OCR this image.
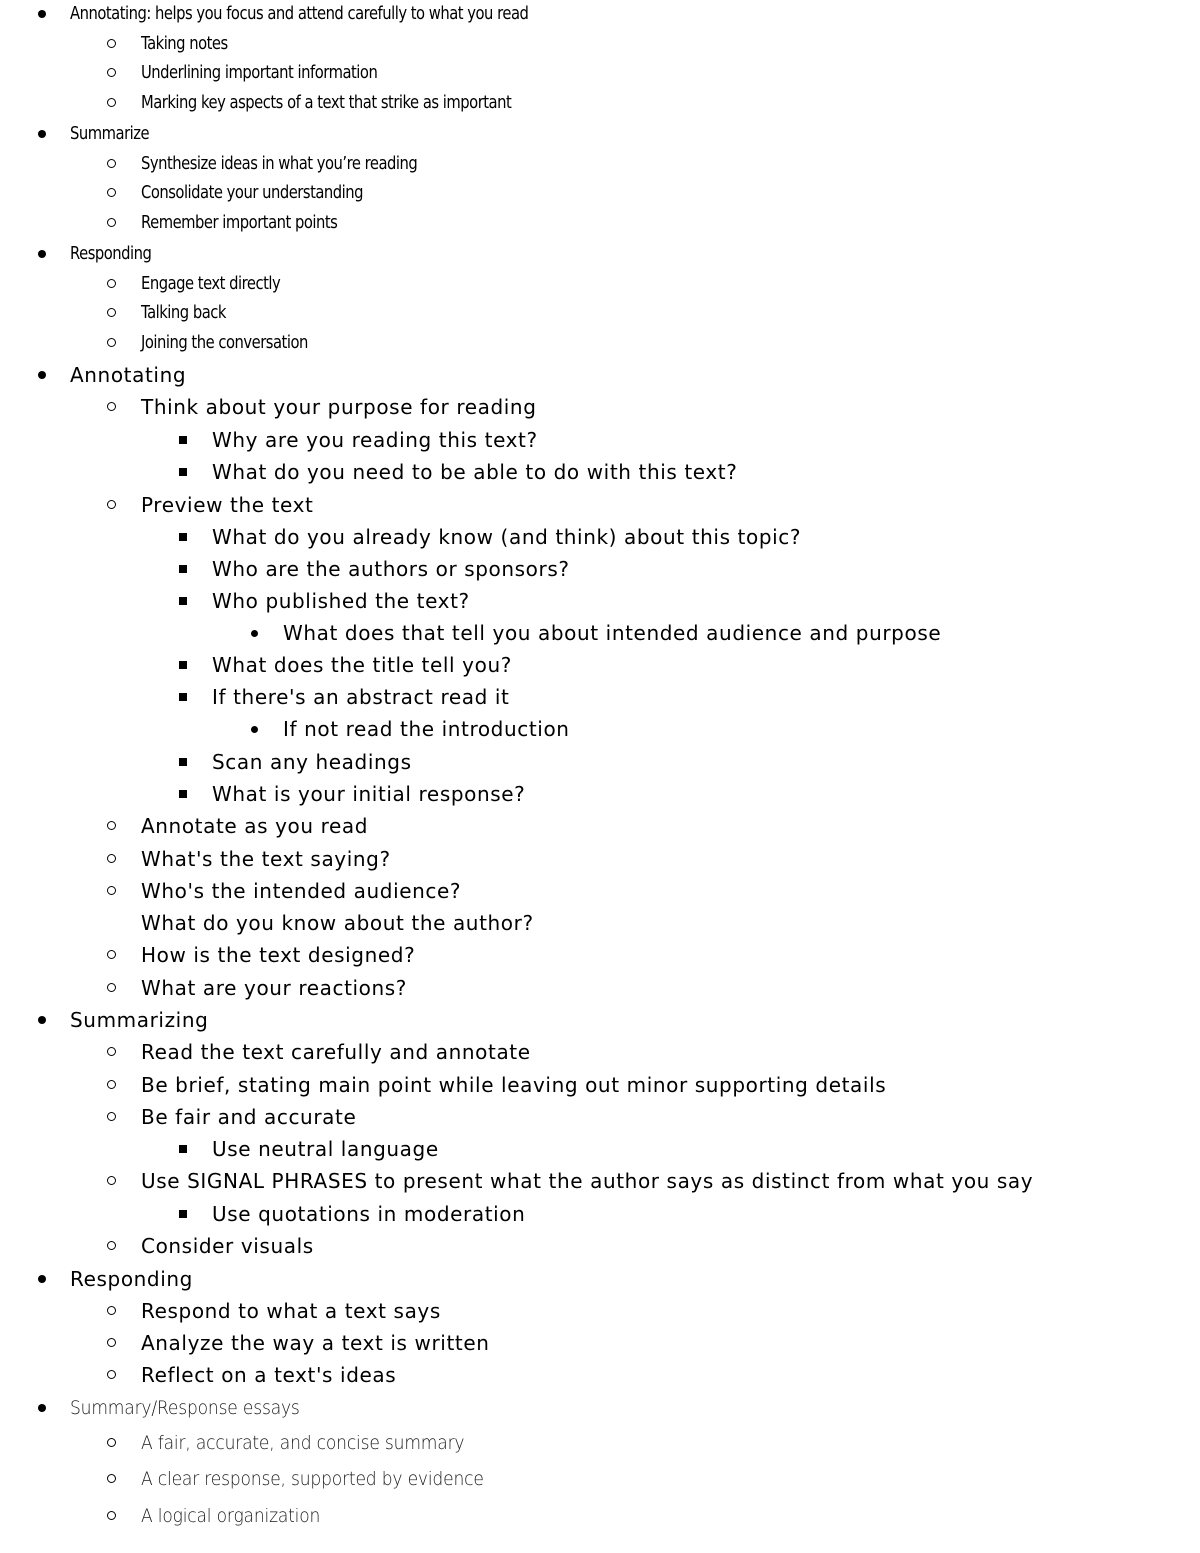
Annotating: helps you focus and attend carefully to what you read
Taking notes
Underlining important information
Marking key aspects of a text that strike as important
Summarize
Synthesize ideas in what you’re reading
Consolidate your understanding
Remember important points
Responding
Engage text directly
Talking back
Joining the conversation
Annotating
Think about your purpose for reading
Why are you reading this text?
What do you need to be able to do with this text?
Preview the text
What do you already know (and think) about this topic?
Who are the authors or sponsors?
Who published the text?
What does that tell you about intended audience and purpose
What does the title tell you?
If there's an abstract read it
If not read the introduction
Scan any headings
What is your initial response?
Annotate as you read
What's the text saying?
Who's the intended audience?
What do you know about the author?
How is the text designed?
What are your reactions?
Summarizing
Read the text carefully and annotate
Be brief, stating main point while leaving out minor supporting details
Be fair and accurate
Use neutral language
Use SIGNAL PHRASES to present what the author says as distinct from what you say
Use quotations in moderation
Consider visuals
Responding
Respond to what a text says
Analyze the way a text is written
Reflect on a text's ideas
Summary/Response essays
A fair, accurate, and concise summary
A clear response, supported by evidence
A logical organization
